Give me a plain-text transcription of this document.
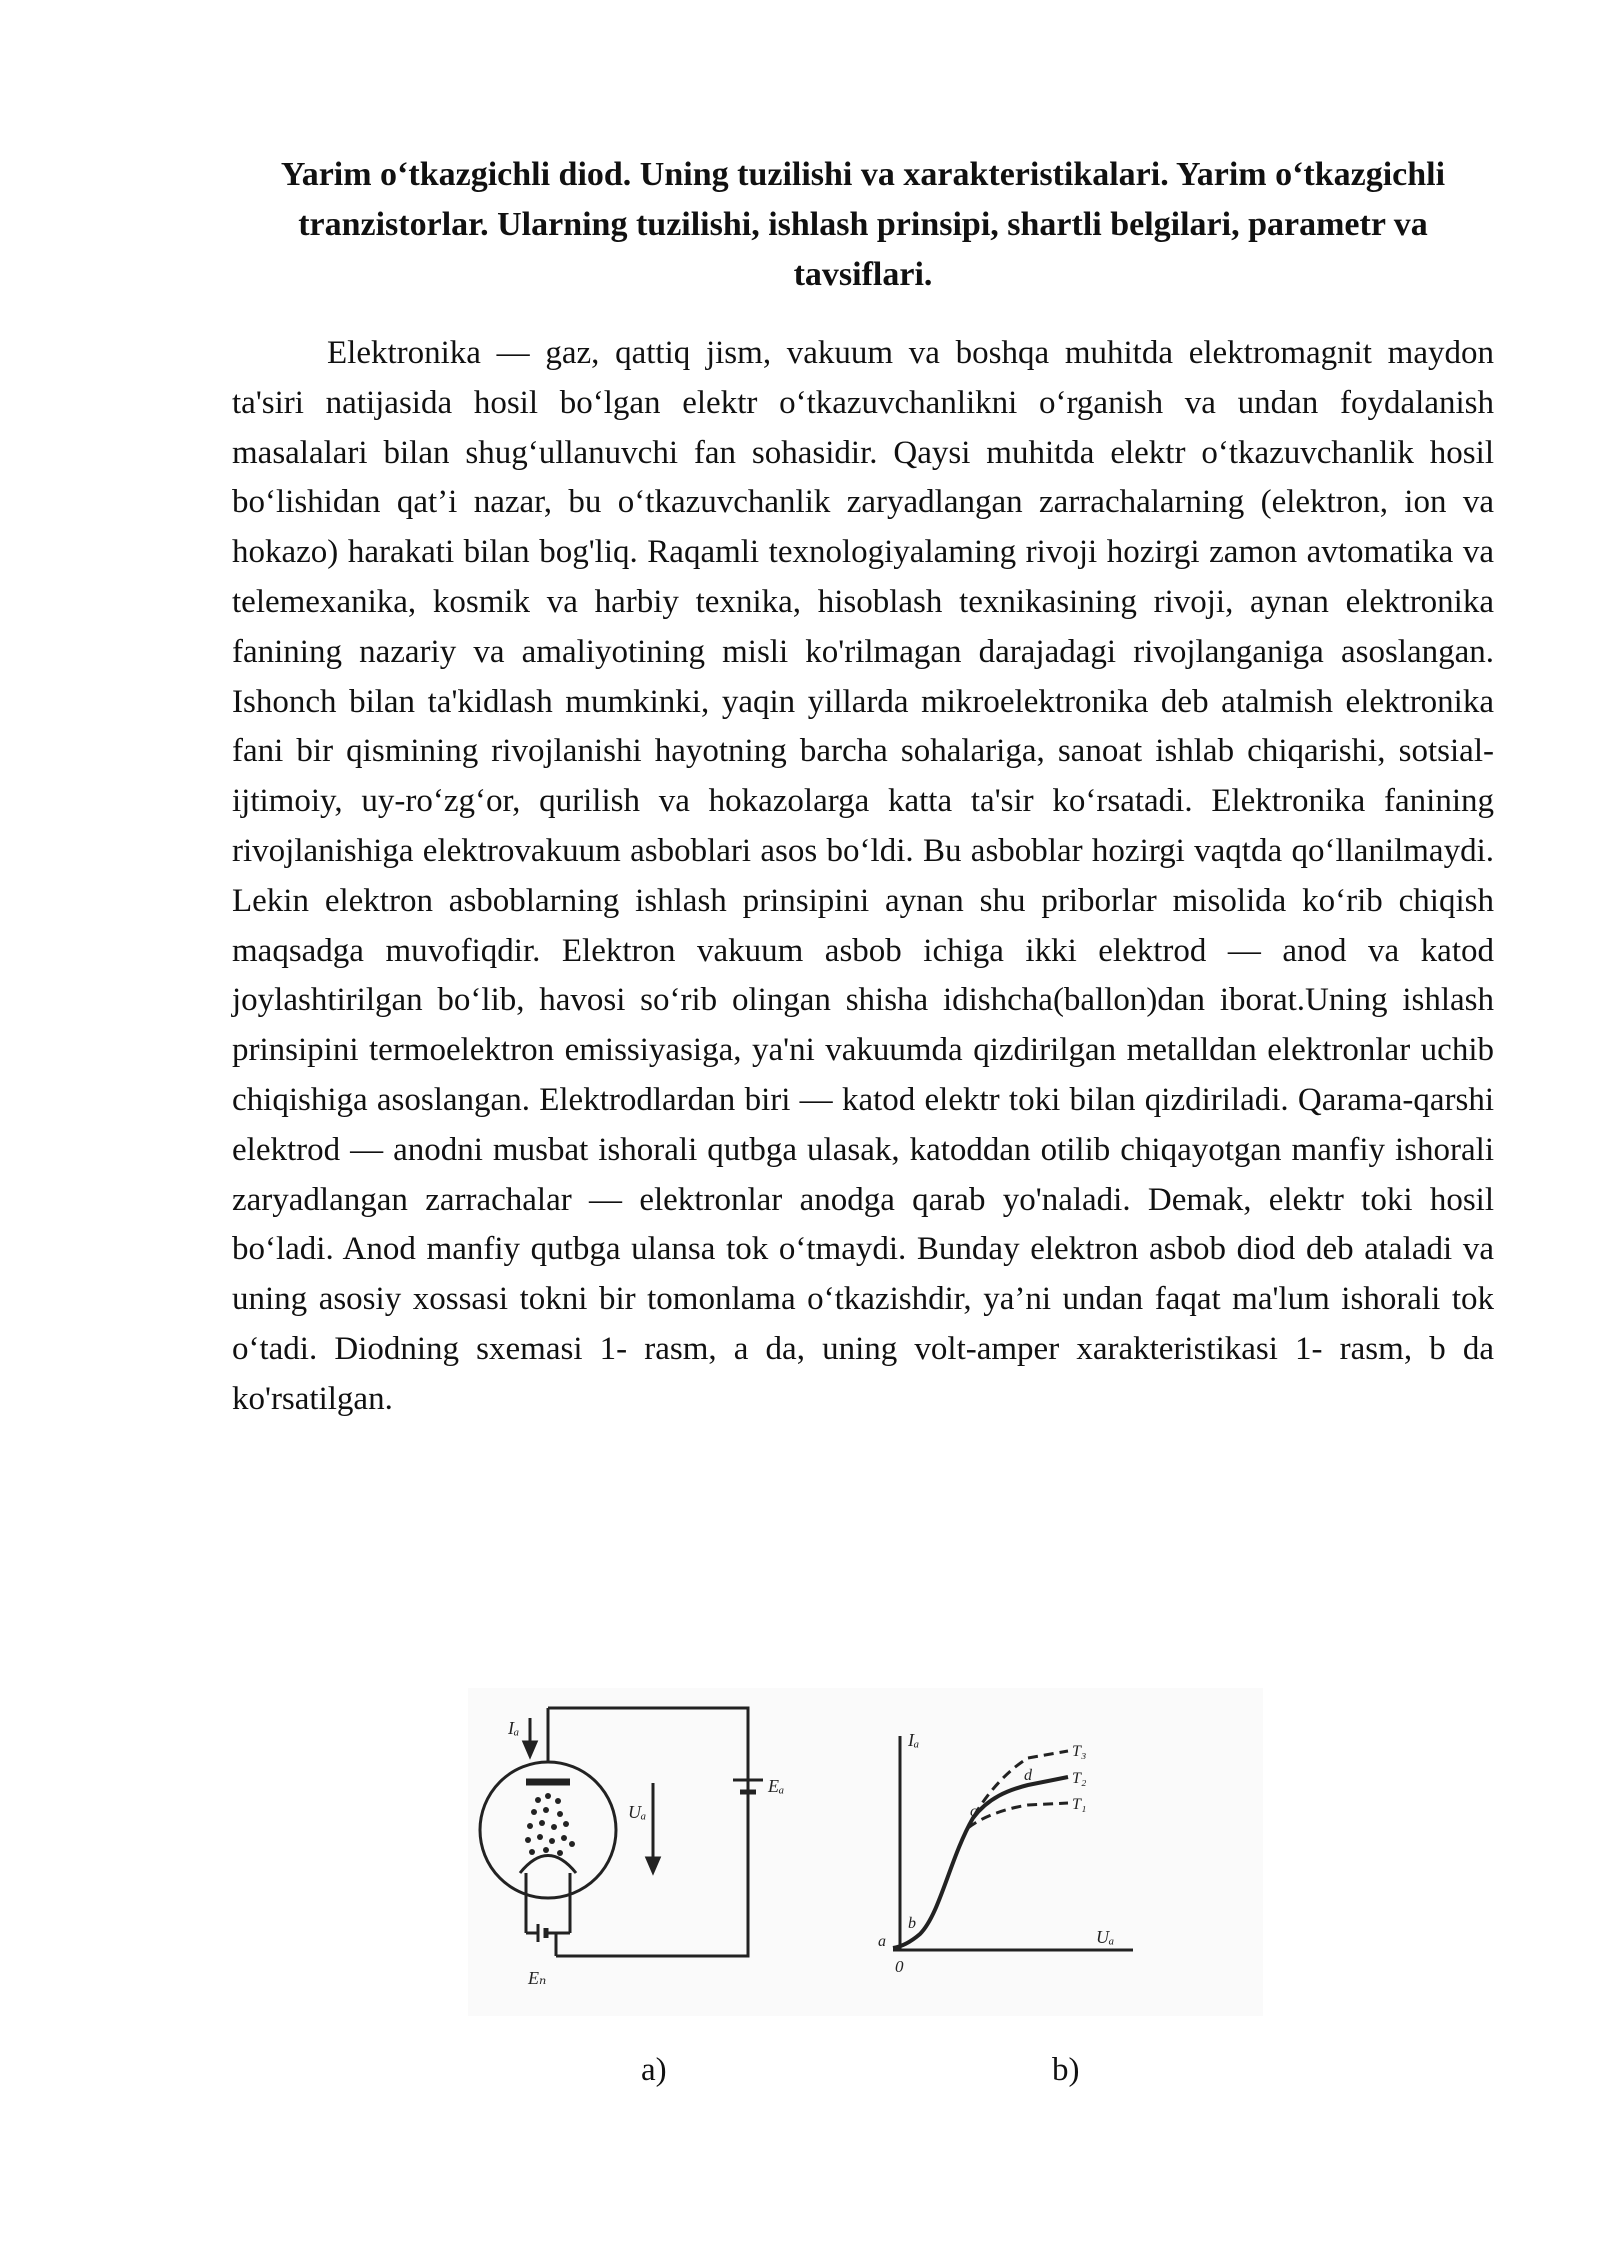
Yarim o‘tkazgichli diod. Uning tuzilishi va xarakteristikalari. Yarim o‘tkazgichli tranzistorlar. Ularning tuzilishi, ishlash prinsipi, shartli belgilari, parametr va tavsiflari.

Elektronika — gaz, qattiq jism, vakuum va boshqa muhitda elektromagnit maydon ta'siri natijasida hosil bo‘lgan elektr o‘tkazuvchanlikni o‘rganish va undan foydalanish masalalari bilan shug‘ullanuvchi fan sohasidir. Qaysi muhitda elektr o‘tkazuvchanlik hosil bo‘lishidan qat’i nazar, bu o‘tkazuvchanlik zaryadlangan zarrachalarning (elektron, ion va hokazo) harakati bilan bog'liq. Raqamli texnologiyalaming rivoji hozirgi zamon avtomatika va telemexanika, kosmik va harbiy texnika, hisoblash texnikasining rivoji, aynan elektronika fanining nazariy va amaliyotining misli ko'rilmagan darajadagi rivojlanganiga asoslangan. Ishonch bilan ta'kidlash mumkinki, yaqin yillarda mikroelektronika deb atalmish elektronika fani bir qismining rivojlanishi hayotning barcha sohalariga, sanoat ishlab chiqarishi, sotsial-ijtimoiy, uy-ro‘zg‘or, qurilish va hokazolarga katta ta'sir ko‘rsatadi. Elektronika fanining rivojlanishiga elektrovakuum asboblari asos bo‘ldi. Bu asboblar hozirgi vaqtda qo‘llanilmaydi. Lekin elektron asboblarning ishlash prinsipini aynan shu priborlar misolida ko‘rib chiqish maqsadga muvofiqdir. Elektron vakuum asbob ichiga ikki elektrod — anod va katod joylashtirilgan bo‘lib, havosi so‘rib olingan shisha idishcha(ballon)dan iborat.Uning ishlash prinsipini termoelektron emissiyasiga, ya'ni vakuumda qizdirilgan metalldan elektronlar uchib chiqishiga asoslangan. Elektrodlardan biri — katod elektr toki bilan qizdiriladi. Qarama-qarshi elektrod — anodni musbat ishorali qutbga ulasak, katoddan otilib chiqayotgan manfiy ishorali zaryadlangan zarrachalar — elektronlar anodga qarab yo'naladi. Demak, elektr toki hosil bo‘ladi. Anod manfiy qutbga ulansa tok o‘tmaydi. Bunday elektron asbob diod deb ataladi va uning asosiy xossasi tokni bir tomonlama o‘tkazishdir, ya’ni undan faqat ma'lum ishorali tok o‘tadi. Diodning sxemasi 1- rasm, a da, uning volt-amper xarakteristikasi 1- rasm, b da ko'rsatilgan.

Iₐ
Uₐ
Eₐ
Eₙ
Iₐ
Uₐ
0
a
b
c
d
T₃
T₂
T₁
a)	b)
